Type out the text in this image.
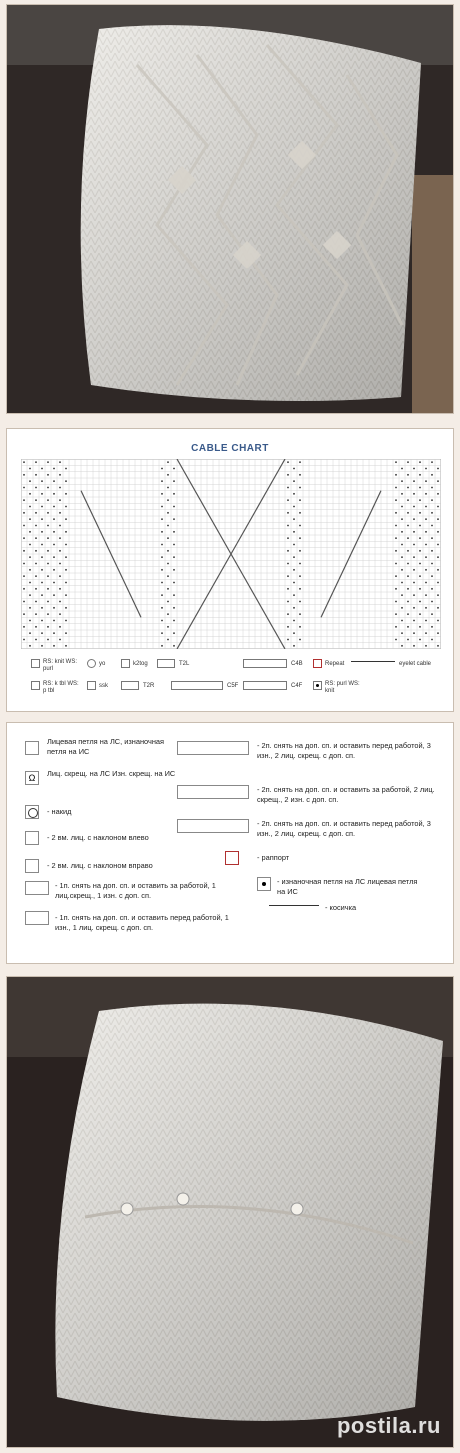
CABLE CHART
RS: knit WS: purl
yo	k2tog	T2L	C4B	Repeat	eyelet cable
RS: k tbl WS: p tbl
ssk	T2R	C5F	C4F	RS: purl WS: knit
Лицевая петля на ЛС, изнаночная петля на ИС
Ω	Лиц. скрещ. на ЛС Изн. скрещ. на ИС
- накид
- 2 вм. лиц. с наклоном влево
- 2 вм. лиц. с наклоном вправо
- 1п. снять на доп. сп. и оставить за работой, 1 лиц.скрещ., 1 изн. с доп. сп.
- 1п. снять на доп. сп. и оставить перед работой, 1 изн., 1 лиц. скрещ. с доп. сп.
- 2п. снять на доп. сп. и оставить перед работой, 3 изн., 2 лиц. скрещ. с доп. сп.
- 2п. снять на доп. сп. и оставить за работой, 2 лиц. скрещ., 2 изн. с доп. сп.
- 2п. снять на доп. сп. и оставить перед работой, 3 изн., 2 лиц. скрещ. с доп. сп.
- раппорт
- изнаночная петля на ЛС лицевая петля на ИС
- косичка
postila.ru
